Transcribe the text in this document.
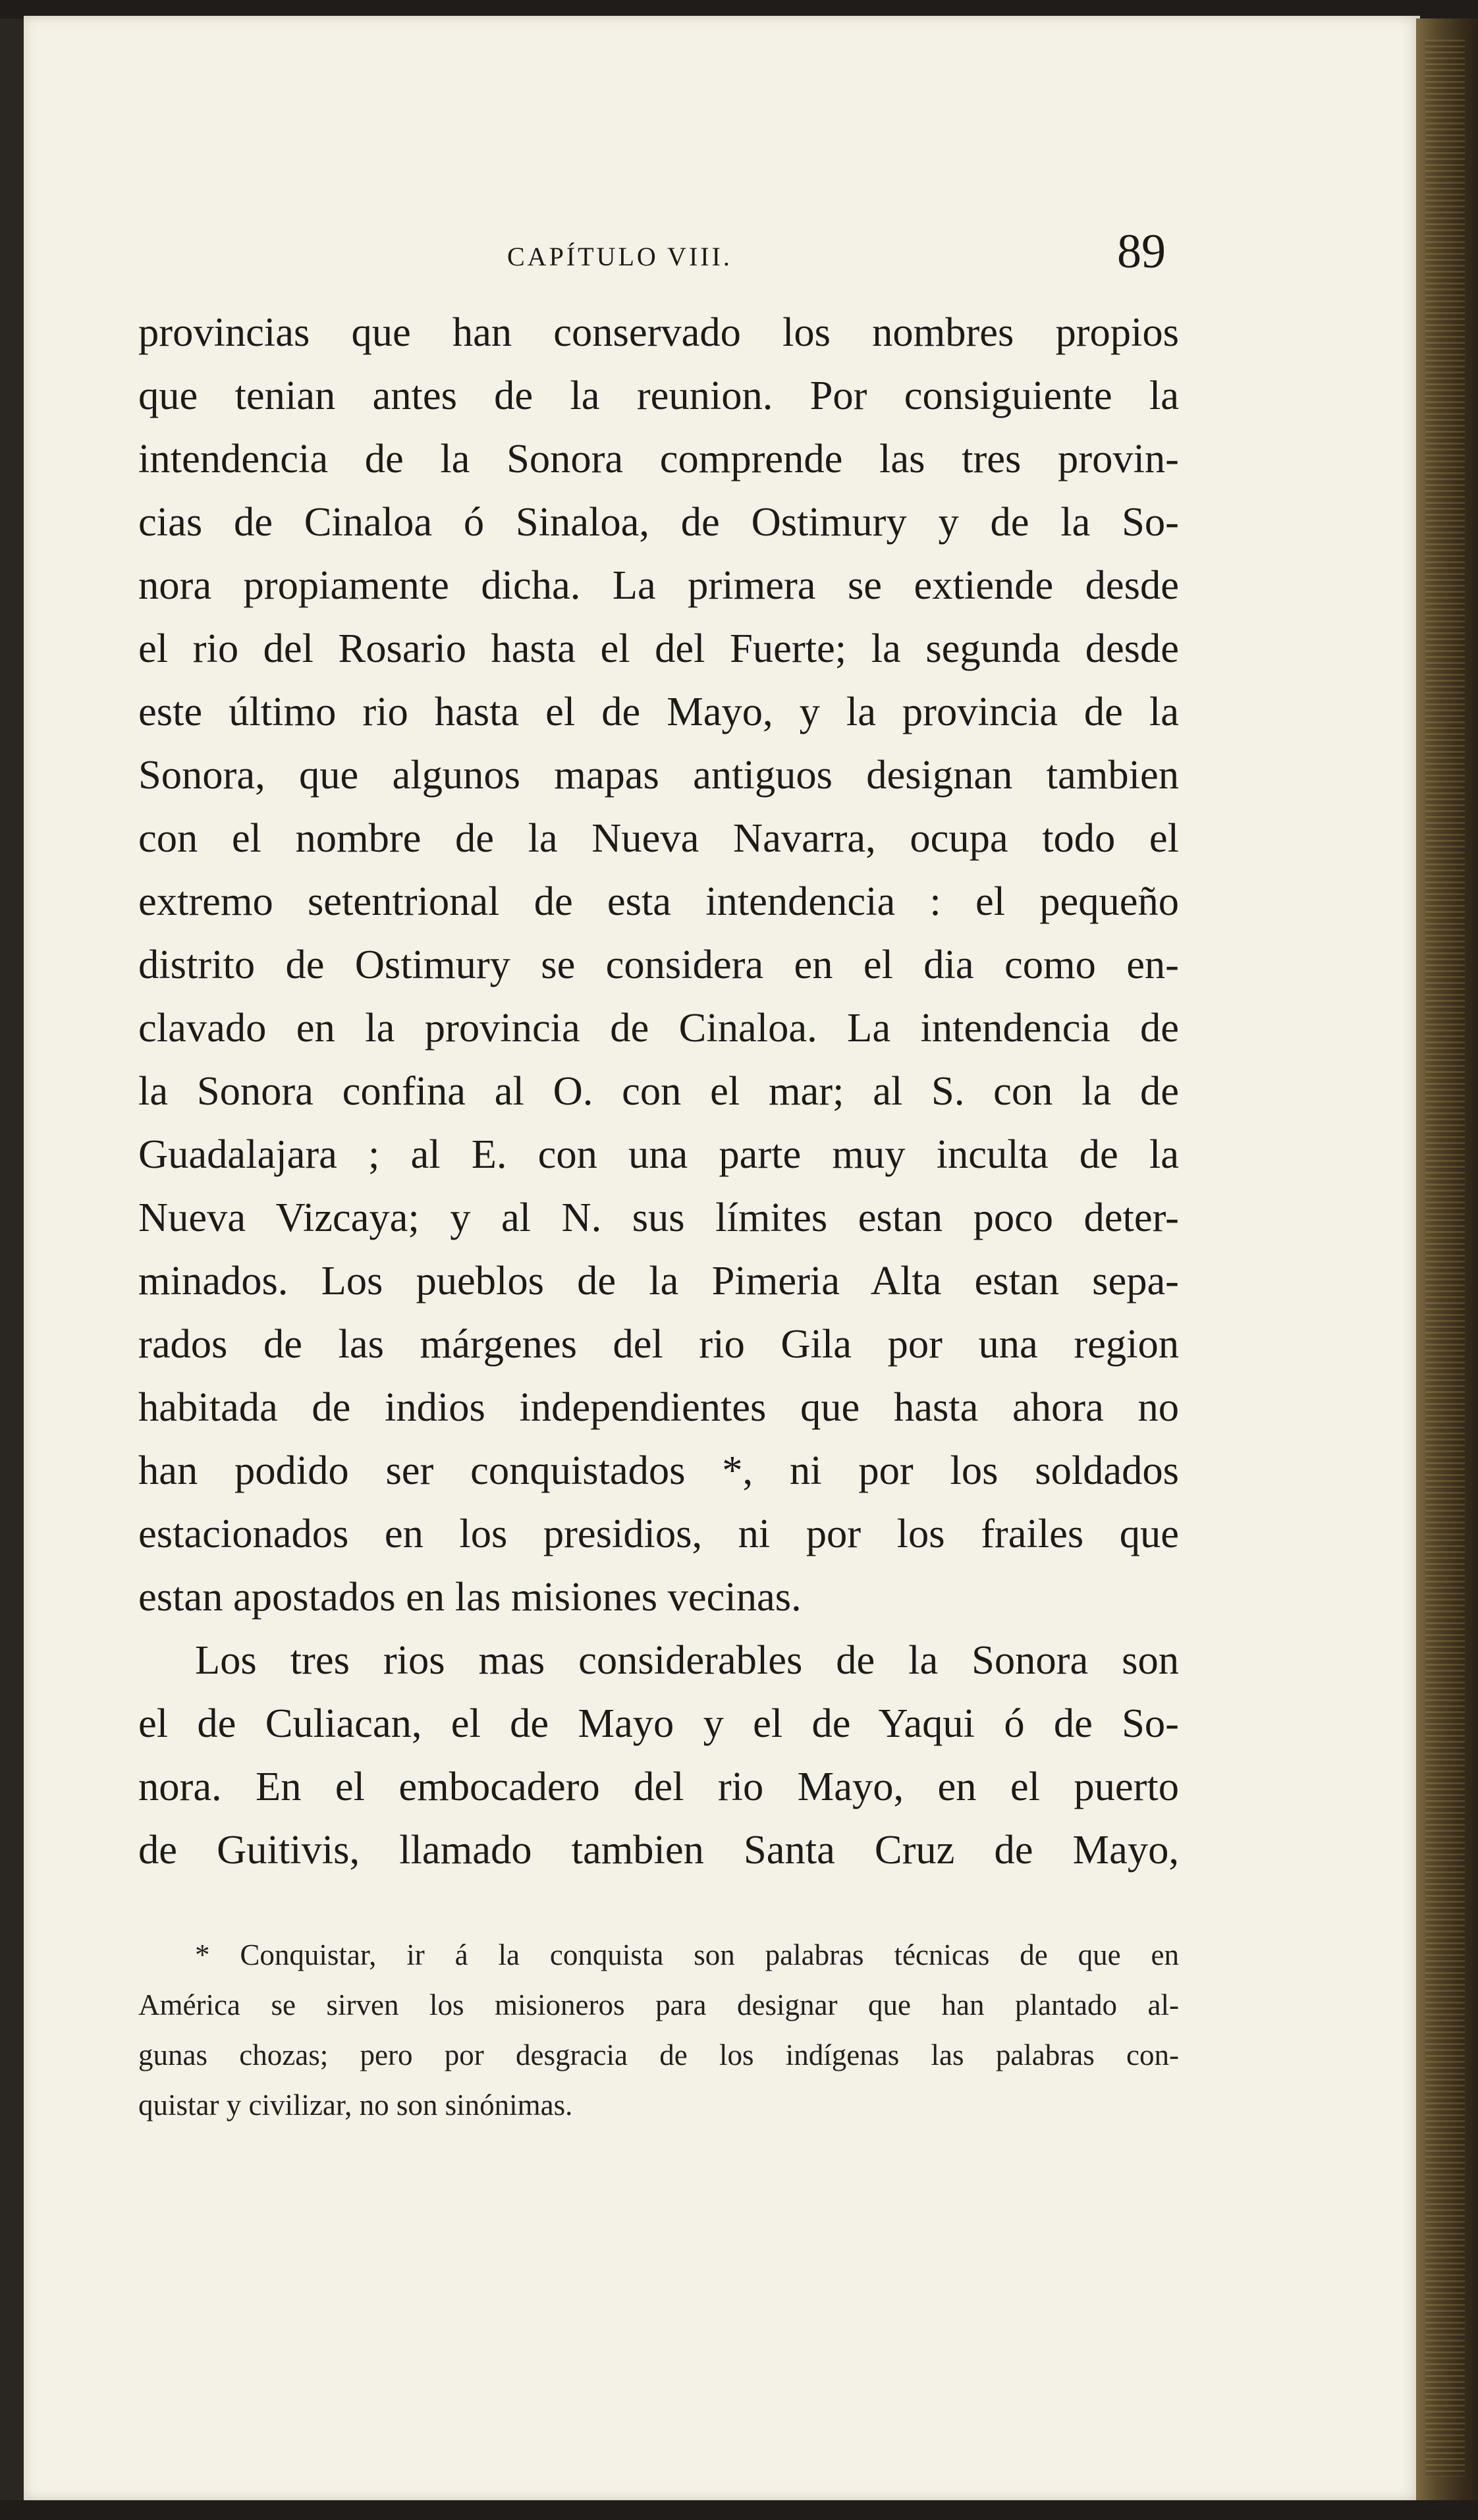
CAPÍTULO VIII.	89
provincias que han conservado los nombres propios
que tenian antes de la reunion. Por consiguiente la
intendencia de la Sonora comprende las tres provin-
cias de Cinaloa ó Sinaloa, de Ostimury y de la So-
nora propiamente dicha. La primera se extiende desde
el rio del Rosario hasta el del Fuerte; la segunda desde
este último rio hasta el de Mayo, y la provincia de la
Sonora, que algunos mapas antiguos designan tambien
con el nombre de la Nueva Navarra, ocupa todo el
extremo setentrional de esta intendencia : el pequeño
distrito de Ostimury se considera en el dia como en-
clavado en la provincia de Cinaloa. La intendencia de
la Sonora confina al O. con el mar; al S. con la de
Guadalajara ; al E. con una parte muy inculta de la
Nueva Vizcaya; y al N. sus límites estan poco deter-
minados. Los pueblos de la Pimeria Alta estan sepa-
rados de las márgenes del rio Gila por una region
habitada de indios independientes que hasta ahora no
han podido ser conquistados *, ni por los soldados
estacionados en los presidios, ni por los frailes que
estan apostados en las misiones vecinas.
Los tres rios mas considerables de la Sonora son
el de Culiacan, el de Mayo y el de Yaqui ó de So-
nora. En el embocadero del rio Mayo, en el puerto
de Guitivis, llamado tambien Santa Cruz de Mayo,
* Conquistar, ir á la conquista son palabras técnicas de que en
América se sirven los misioneros para designar que han plantado al-
gunas chozas; pero por desgracia de los indígenas las palabras con-
quistar y civilizar, no son sinónimas.
